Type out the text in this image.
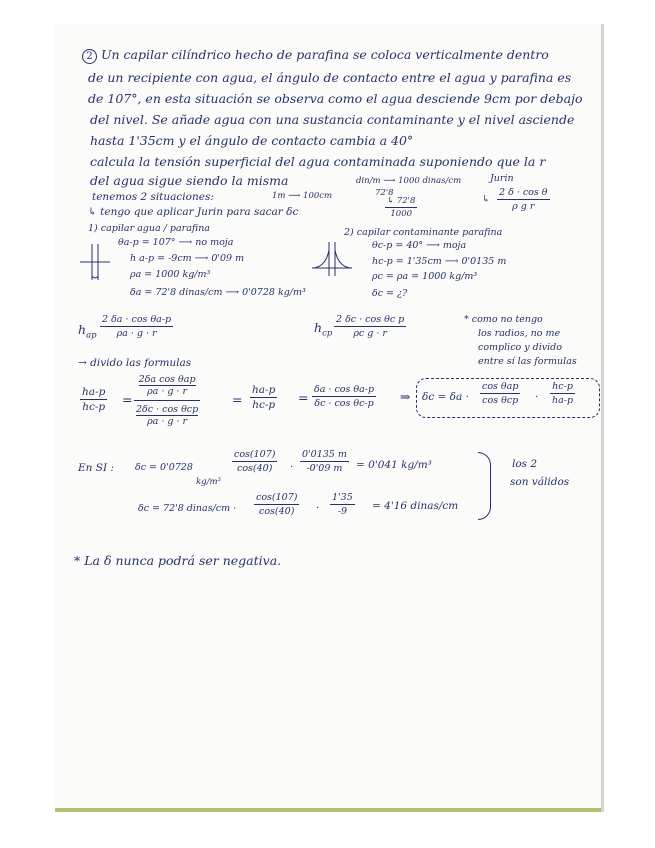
2 Un capilar cilíndrico hecho de parafina se coloca verticalmente dentro
de un recipiente con agua, el ángulo de contacto entre el agua y parafina es
de 107°, en esta situación se observa como el agua desciende 9cm por debajo
del nivel. Se añade agua con una sustancia contaminante y el nivel asciende
hasta 1'35cm y el ángulo de contacto cambia a 40°
calcula la tensión superficial del agua contaminada suponiendo que la r
del agua sigue siendo la misma	din/m ⟶ 1000 dinas/cm	Jurin
72'8
↳ 72'8
1000
↳
2 δ · cos θ
ρ g r
tenemos 2 situaciones:	1m ⟶ 100cm
↳ tengo que aplicar Jurin para sacar δc
1) capilar agua / parafina	2) capilar contaminante parafina
θa-p = 107° ⟶ no moja
h a-p = -9cm ⟶ 0'09 m
ρa = 1000 kg/m³
δa = 72'8 dinas/cm ⟶ 0'0728 kg/m³
θc-p = 40° ⟶ moja
hc-p = 1'35cm ⟶ 0'0135 m
ρc = ρa = 1000 kg/m³
δc = ¿?
$h_{ap}$
2 δa · cos θa-p
ρa · g · r	$h_{cp}$
2 δc · cos θc p
ρc g · r
* como no tengo
los radios, no me
complico y divido
entre sí las formulas
→ divido las formulas
ha-p
hc-p =
2δa cos θap
ρa · g · r
2δc · cos θcp
ρa · g · r
=
ha-p
hc-p =
δa · cos θa-p
δc · cos θc-p ⇒ δc = δa ·
cos θap
cos θcp ·
hc-p
ha-p
En SI : δc = 0'0728
kg/m³
cos(107)
cos(40) ·
0'0135 m
-0'09 m = 0'041 kg/m³	los 2
son válidos
δc = 72'8 dinas/cm ·
cos(107)
cos(40) ·
1'35
-9 = 4'16 dinas/cm
* La δ nunca podrá ser negativa.
